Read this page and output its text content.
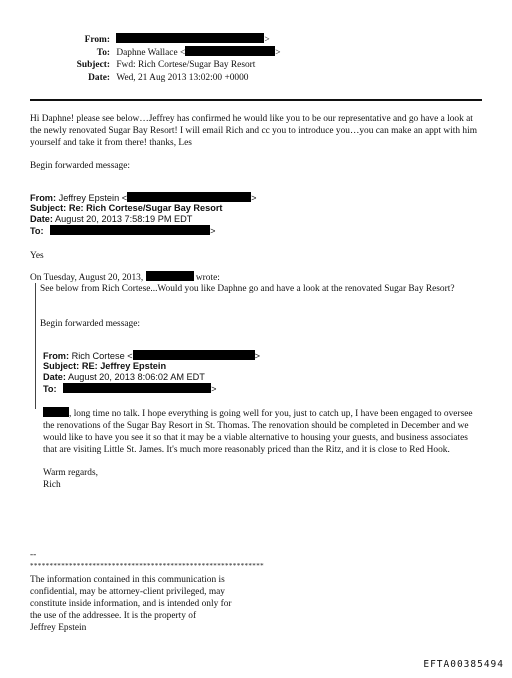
From:	>
To: Daphne Wallace <	>
Subject: Fwd: Rich Cortese/Sugar Bay Resort
Date: Wed, 21 Aug 2013 13:02:00 +0000
Hi Daphne! please see below…Jeffrey has confirmed he would like you to be our representative and go have a look at the newly renovated Sugar Bay Resort! I will email Rich and cc you to introduce you…you can make an appt with him yourself and take it from there! thanks, Les
Begin forwarded message:
From: Jeffrey Epstein <	>
Subject: Re: Rich Cortese/Sugar Bay Resort
Date: August 20, 2013 7:58:19 PM EDT
To:	>
Yes
On Tuesday, August 20, 2013,	wrote:
See below from Rich Cortese...Would you like Daphne go and have a look at the renovated Sugar Bay Resort?
Begin forwarded message:
From: Rich Cortese <	>
Subject: RE: Jeffrey Epstein
Date: August 20, 2013 8:06:02 AM EDT
To:	>
, long time no talk. I hope everything is going well for you, just to catch up, I have been engaged to oversee the renovations of the Sugar Bay Resort in St. Thomas. The renovation should be completed in December and we would like to have you see it so that it may be a viable alternative to housing your guests, and business associates that are visiting Little St. James. It's much more reasonably priced than the Ritz, and it is close to Red Hook.
Warm regards,
Rich
--
************************************************************
The information contained in this communication is
confidential, may be attorney-client privileged, may
constitute inside information, and is intended only for
the use of the addressee. It is the property of
Jeffrey Epstein
EFTA00385494
